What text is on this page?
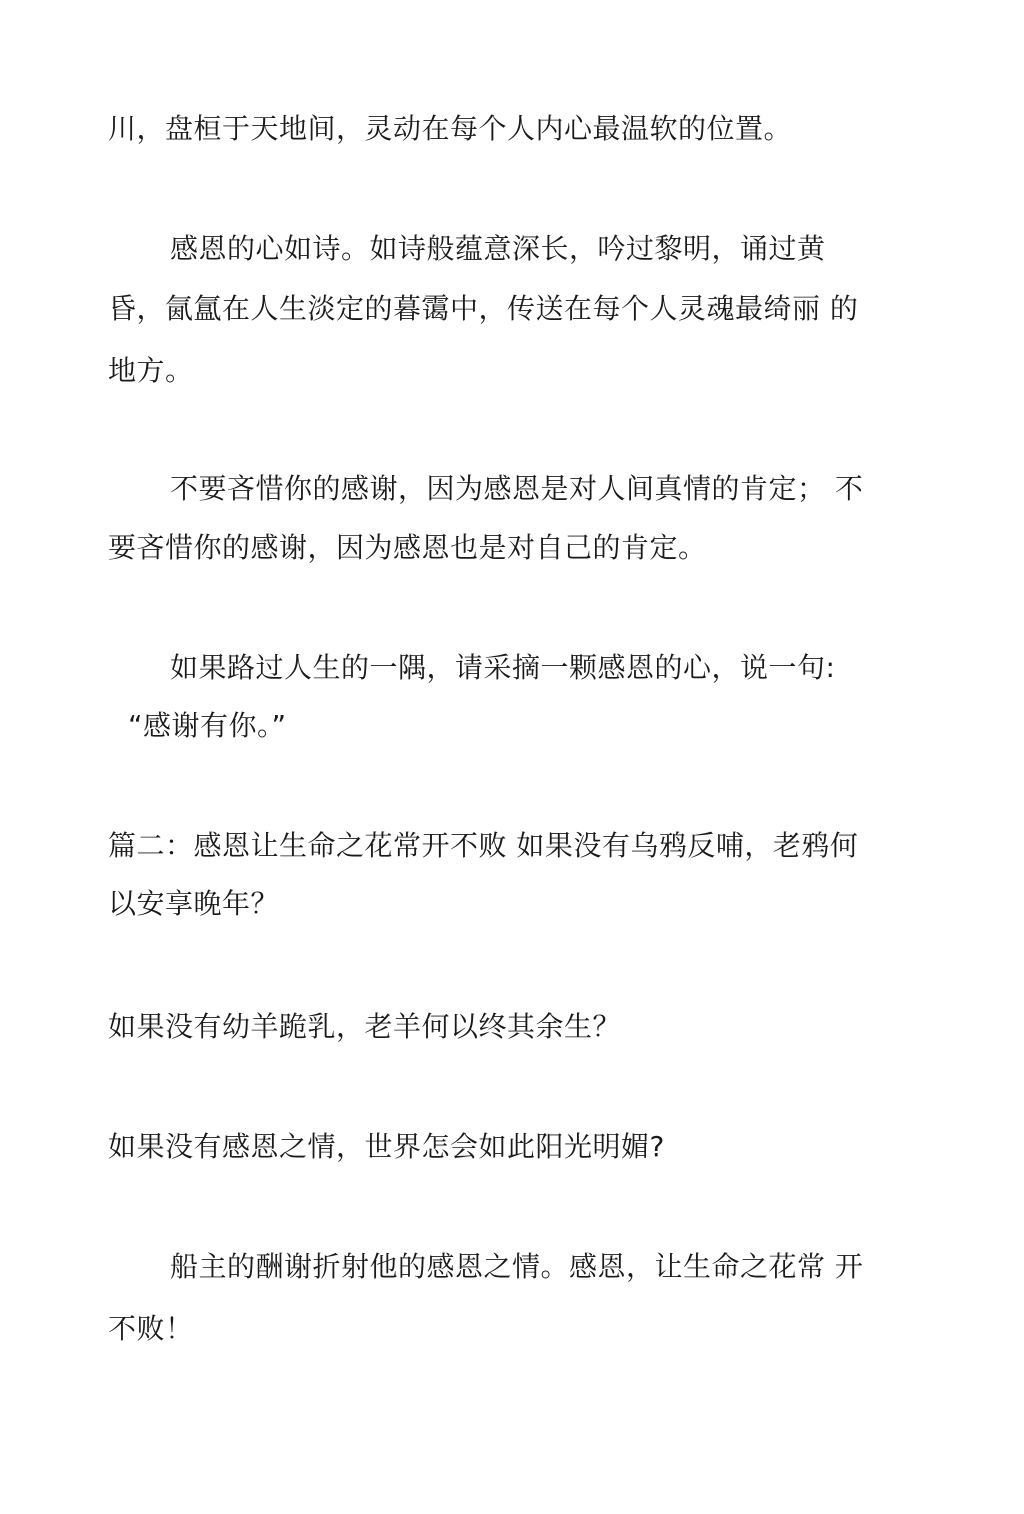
川，盘桓于天地间，灵动在每个人内心最温软的位置。
感恩的心如诗。如诗般蕴意深长，吟过黎明，诵过黄
昏，氤氲在人生淡定的暮霭中，传送在每个人灵魂最绮丽 的
地方。
不要吝惜你的感谢，因为感恩是对人间真情的肯定； 不
要吝惜你的感谢，因为感恩也是对自己的肯定。
如果路过人生的一隅，请采摘一颗感恩的心，说一句:
“感谢有你。”
篇二：感恩让生命之花常开不败 如果没有乌鸦反哺，老鸦何
以安享晚年？
如果没有幼羊跪乳，老羊何以终其余生？
如果没有感恩之情，世界怎会如此阳光明媚?
船主的酬谢折射他的感恩之情。感恩，让生命之花常 开
不败！
